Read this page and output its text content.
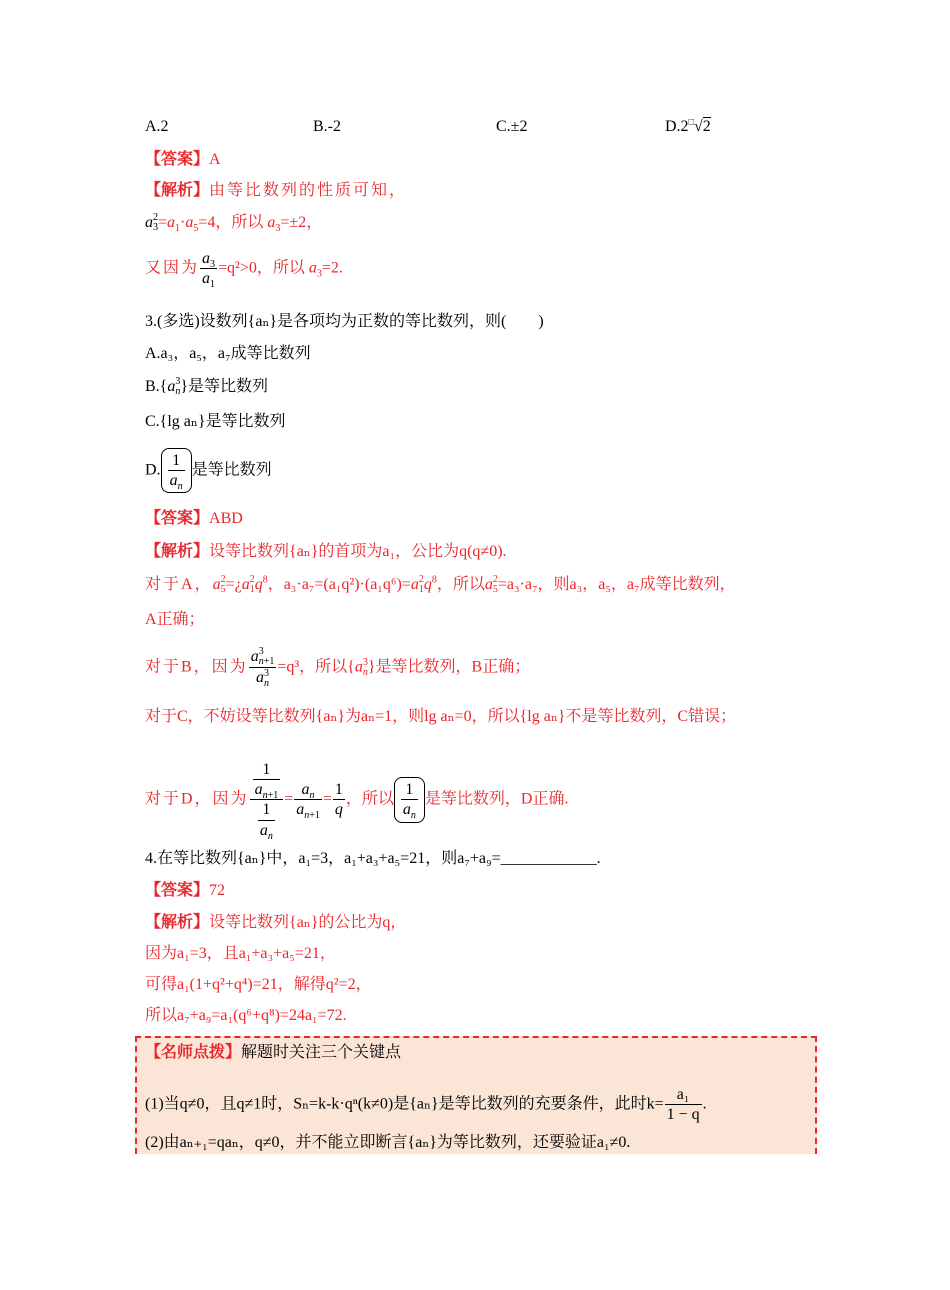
A.2	B.-2	C.±2	D.2□√2
【答案】A
【解析】由等比数列的性质可知，
a 2
$3 =a_1\cdot a_5=4$，所以 $a_3=\pm 2$，
又因为 $\frac{a_3}{a_1} =q^2>0$，所以 $a_3=2$.
3.(多选)设数列{aₙ}是各项均为正数的等比数列，则(　　)
A.a₃，a₅，a₇成等比数列
B.{a 3
n }是等比数列
C.{lg aₙ}是等比数列
D. $\frac{1}{a_n}$ 是等比数列
【答案】ABD
【解析】设等比数列{aₙ}的首项为a₁，公比为q(q≠0).
对于A，a 2
5 =¿a 2
1 $q^8$，a₃·a₇=(a₁q²)·(a₁q⁶)=a 2
1 $q^8$，所以a 2
5 =a₃·a₇，则a₃，a₅，a₇成等比数列，
A正确；
对于B，因为 a 3
n+1
a 3
n =q³，所以{a 3
n }是等比数列，B正确；
对于C，不妨设等比数列{aₙ}为aₙ=1，则lg aₙ=0，所以{lg aₙ}不是等比数列，C错误；
对于D，因为 $\frac{\frac{1}{a_{n+1}}}{\frac{1}{a_n}} = \frac{a_n}{a_{n+1}} = \frac{1}{q}$ ，所以 $\frac{1}{a_n}$ 是等比数列，D正确.
4.在等比数列{aₙ}中，a₁=3，a₁+a₃+a₅=21，则a₇+a₉=____________.
【答案】72
【解析】设等比数列{aₙ}的公比为q，
因为a₁=3，且a₁+a₃+a₅=21，
可得a₁(1+q²+q⁴)=21，解得q²=2，
所以a₇+a₉=a₁(q⁶+q⁸)=24a₁=72.
【名师点拨】解题时关注三个关键点
(1)当q≠0，且q≠1时，Sₙ=k-k·qⁿ(k≠0)是{aₙ}是等比数列的充要条件，此时$k= \frac{\text{a₁}}{1 - q}$ .
(2)由aₙ₊₁=qaₙ，q≠0，并不能立即断言{aₙ}为等比数列，还要验证a₁≠0.
